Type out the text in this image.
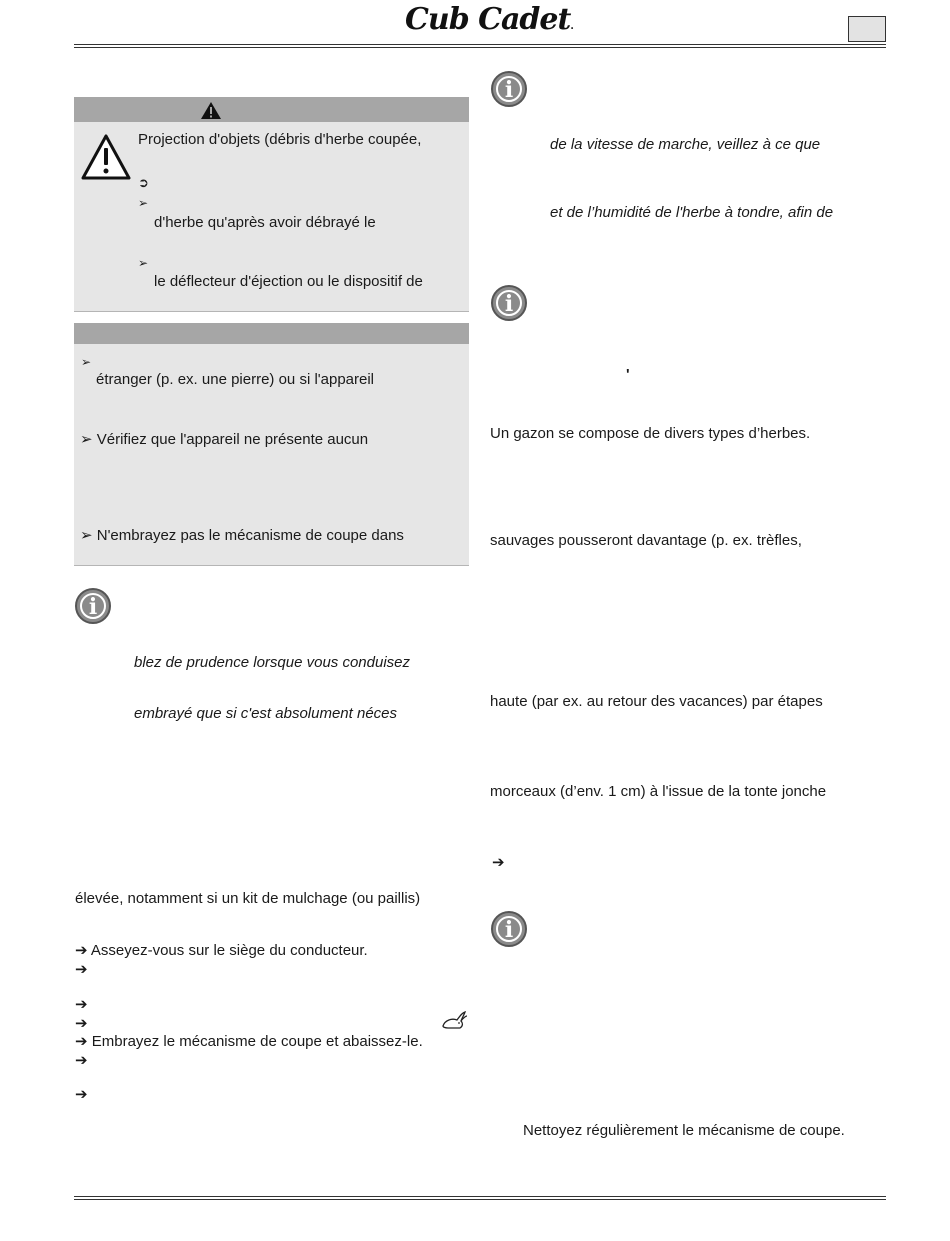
Cub Cadet.
Projection d'objets (débris d'herbe coupée,
➲
➢
d'herbe qu'après avoir débrayé le
➢
le déflecteur d'éjection ou le dispositif de
➢
étranger (p. ex. une pierre) ou si l'appareil
➢ Vérifiez que l'appareil ne présente aucun
➢ N'embrayez pas le mécanisme de coupe dans
i
blez de prudence lorsque vous conduisez
embrayé que si c'est absolument néces
élevée, notamment si un kit de mulchage (ou paillis)
➔ Asseyez-vous sur le siège du conducteur.
➔
➔
➔
➔ Embrayez le mécanisme de coupe et abaissez-le.
➔
➔
i
de la vitesse de marche, veillez à ce que
et de l’humidité de l'herbe à tondre, afin de
i
'
Un gazon se compose de divers types d’herbes.
sauvages pousseront davantage (p. ex. trèfles,
haute (par ex. au retour des vacances) par étapes
morceaux (d’env. 1 cm) à l'issue de la tonte jonche
➔
i
Nettoyez régulièrement le mécanisme de coupe.
